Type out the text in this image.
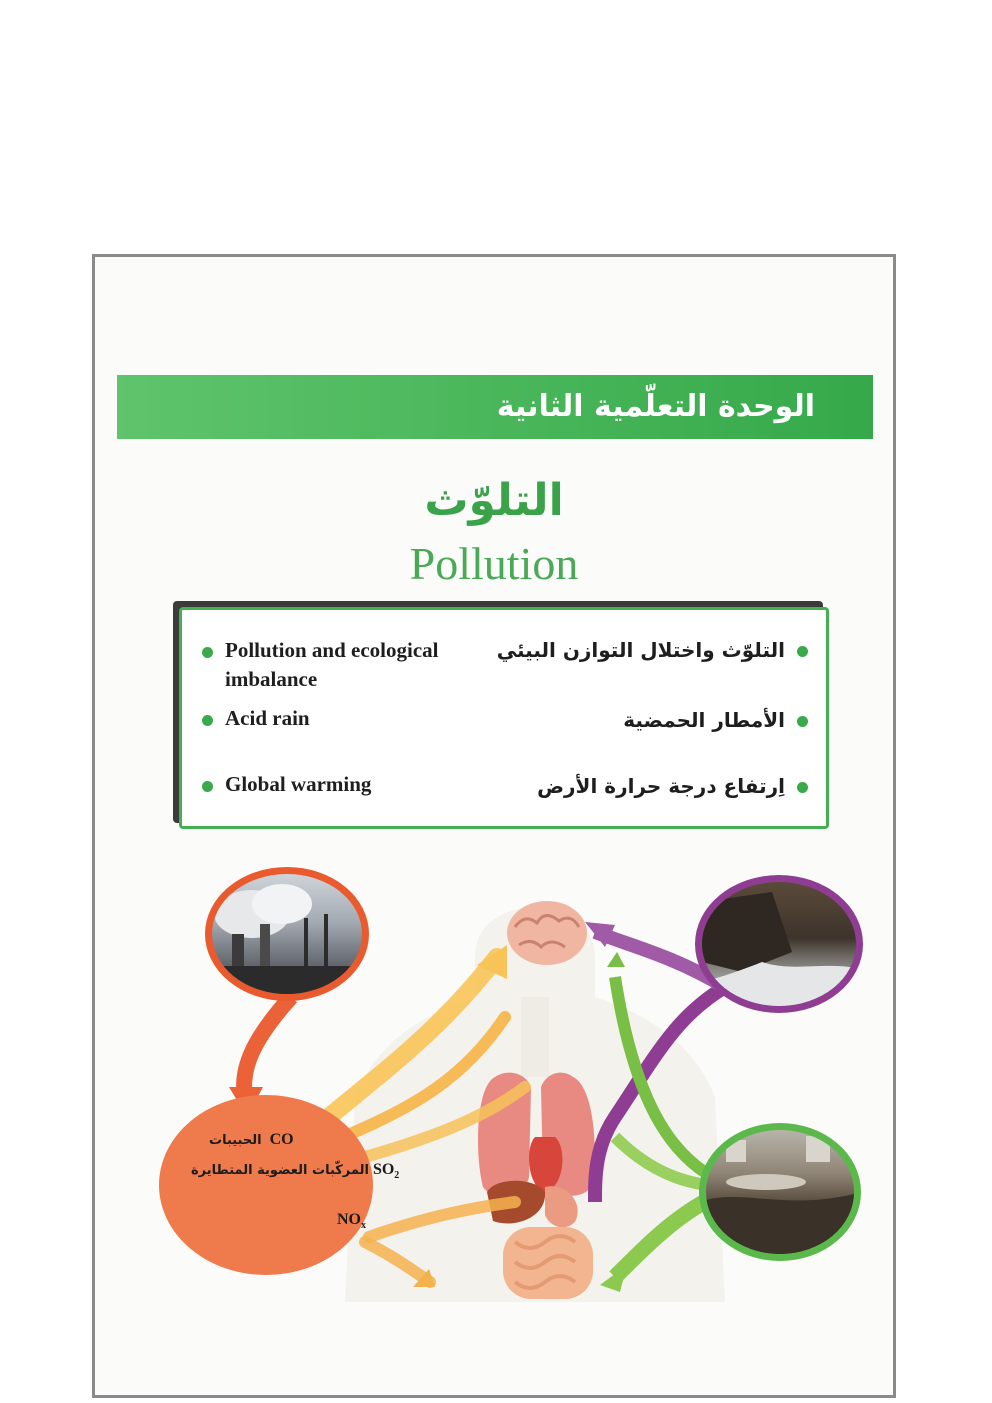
الوحدة التعلّمية الثانية
التلوّث
Pollution
Pollution and ecological imbalance
Acid rain
Global warming
التلوّث واختلال التوازن البيئي
الأمطار الحمضية
اِرتفاع درجة حرارة الأرض
الحبيبات CO
المركّبات العضوية المتطايرة $SO_2$
$NO_x$
